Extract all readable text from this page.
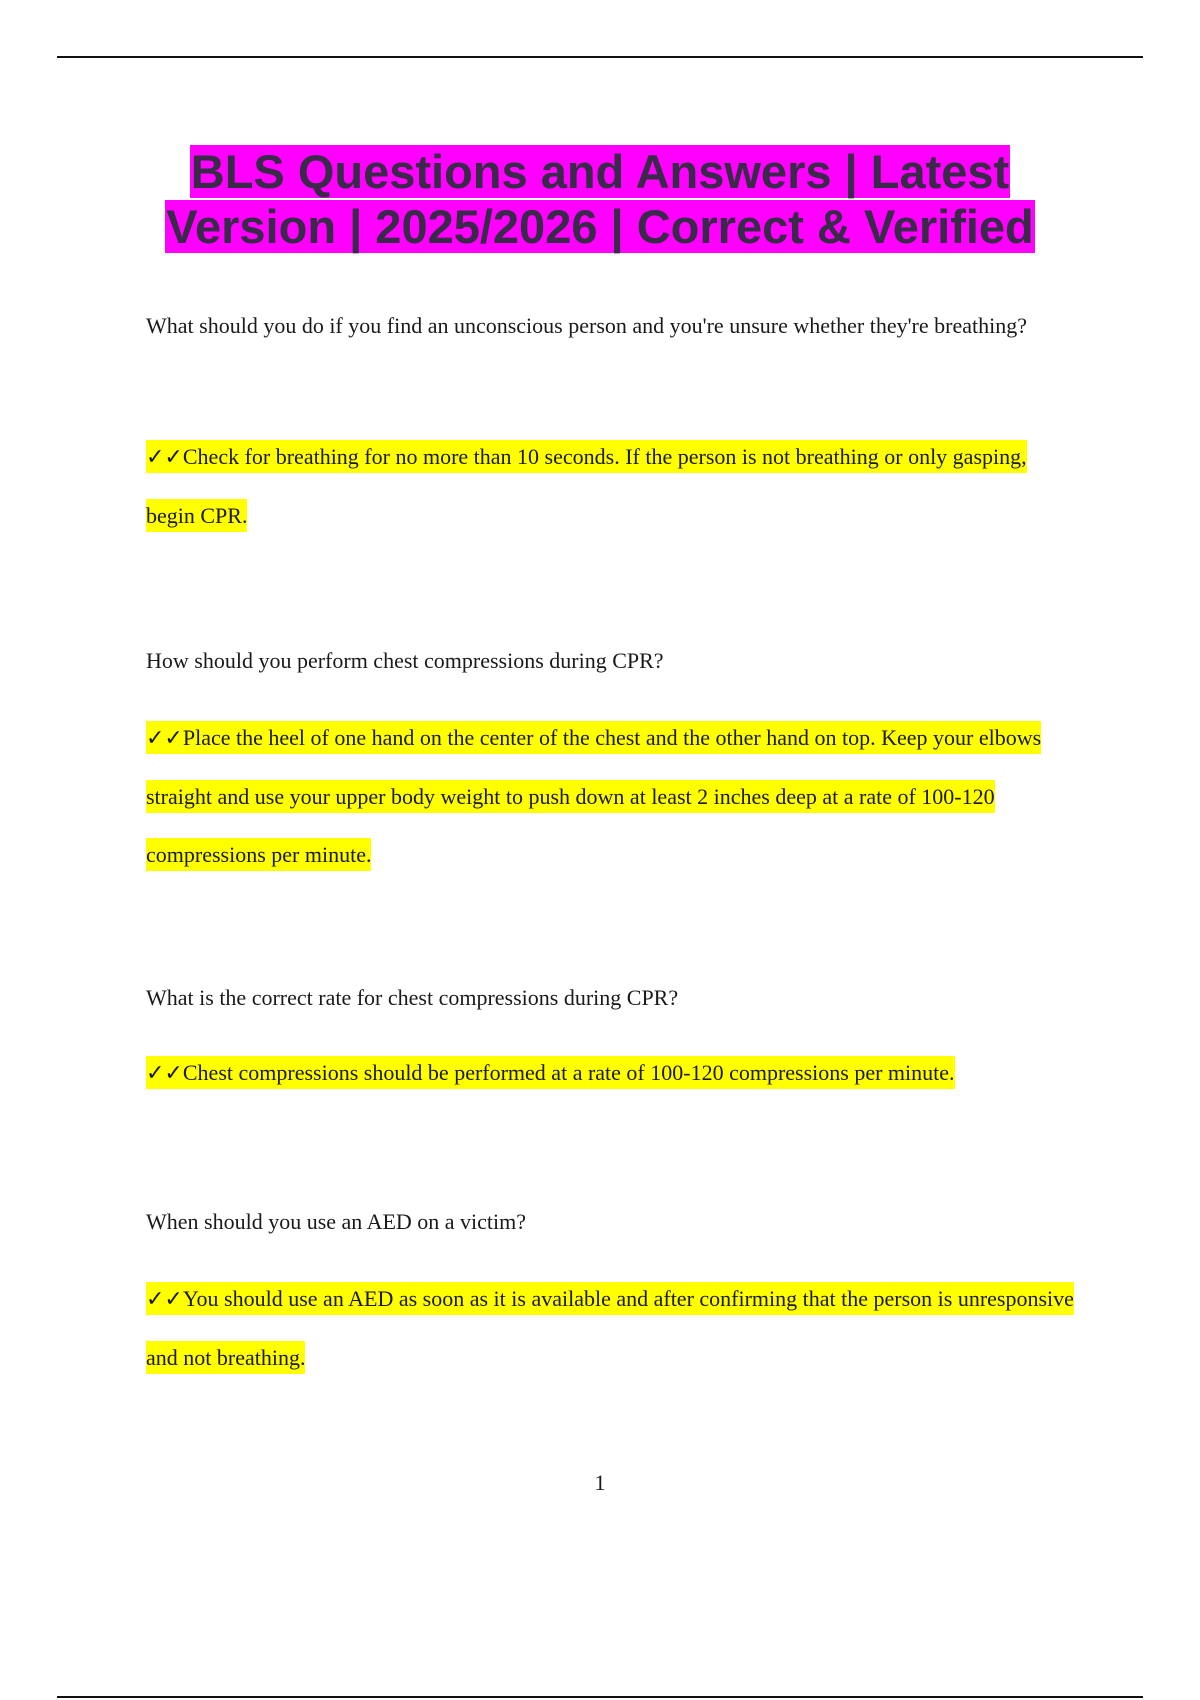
BLS Questions and Answers | Latest
Version | 2025/2026 | Correct & Verified

What should you do if you find an unconscious person and you're unsure whether they're breathing?

✓✓Check for breathing for no more than 10 seconds. If the person is not breathing or only gasping, begin CPR.

How should you perform chest compressions during CPR?

✓✓Place the heel of one hand on the center of the chest and the other hand on top. Keep your elbows straight and use your upper body weight to push down at least 2 inches deep at a rate of 100-120 compressions per minute.

What is the correct rate for chest compressions during CPR?

✓✓Chest compressions should be performed at a rate of 100-120 compressions per minute.

When should you use an AED on a victim?

✓✓You should use an AED as soon as it is available and after confirming that the person is unresponsive and not breathing.

1
